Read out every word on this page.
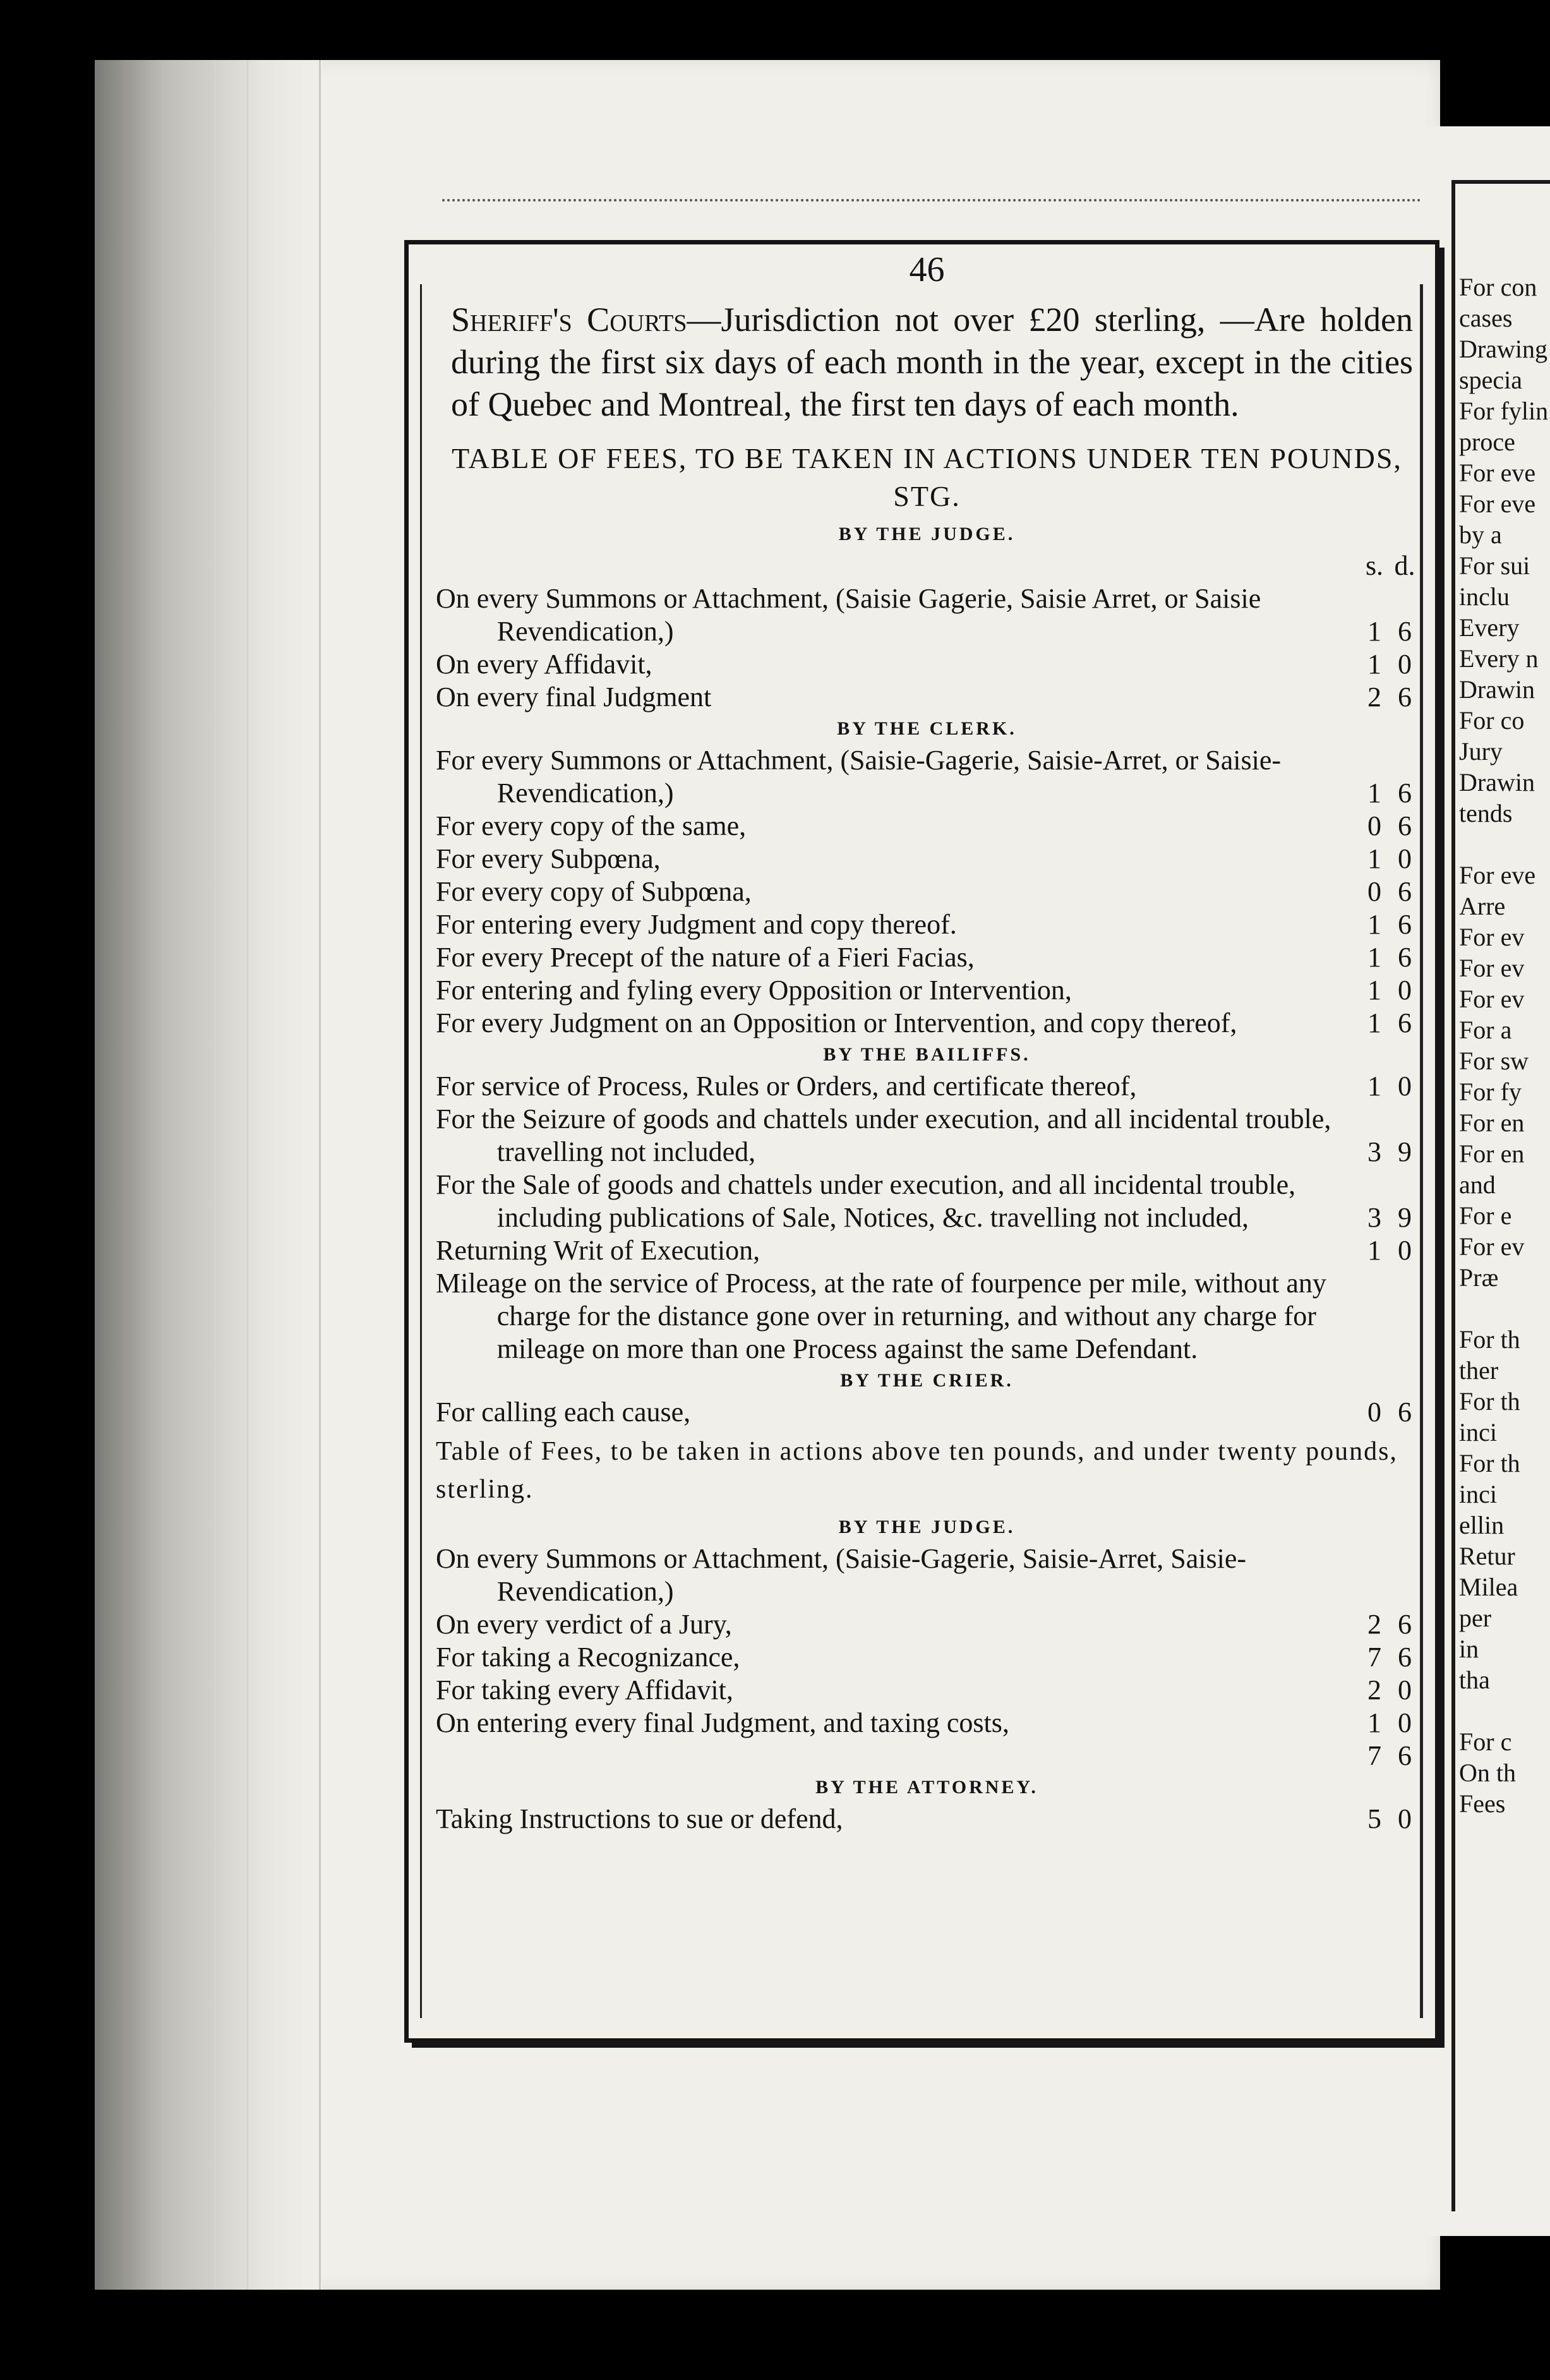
46
Sheriff's Courts—Jurisdiction not over £20 sterling, —Are holden during the first six days of each month in the year, except in the cities of Quebec and Montreal, the first ten days of each month.
TABLE OF FEES, TO BE TAKEN IN ACTIONS UNDER TEN POUNDS, STG.
BY THE JUDGE.
s. d.
On every Summons or Attachment, (Saisie Gagerie, Saisie Arret, or Saisie Revendication,)	1 6
On every Affidavit,	1 0
On every final Judgment	2 6
BY THE CLERK.
For every Summons or Attachment, (Saisie-Gagerie, Saisie-Arret, or Saisie-Revendication,)	1 6
For every copy of the same,	0 6
For every Subpœna,	1 0
For every copy of Subpœna,	0 6
For entering every Judgment and copy thereof.	1 6
For every Precept of the nature of a Fieri Facias,	1 6
For entering and fyling every Opposition or Intervention,	1 0
For every Judgment on an Opposition or Intervention, and copy thereof,	1 6
BY THE BAILIFFS.
For service of Process, Rules or Orders, and certificate thereof,	1 0
For the Seizure of goods and chattels under execution, and all incidental trouble, travelling not included,	3 9
For the Sale of goods and chattels under execution, and all incidental trouble, including publications of Sale, Notices, &c. travelling not included,	3 9
Returning Writ of Execution,	1 0
Mileage on the service of Process, at the rate of fourpence per mile, without any charge for the distance gone over in returning, and without any charge for mileage on more than one Process against the same Defendant.
BY THE CRIER.
For calling each cause,	0 6
Table of Fees, to be taken in actions above ten pounds, and under twenty pounds, sterling.
BY THE JUDGE.
On every Summons or Attachment, (Saisie-Gagerie, Saisie-Arret, Saisie-Revendication,)
On every verdict of a Jury,	2 6
For taking a Recognizance,	7 6
For taking every Affidavit,	2 0
On entering every final Judgment, and taxing costs,	1 0
7 6
BY THE ATTORNEY.
Taking Instructions to sue or defend,	5 0
For con
cases
Drawing
specia
For fylin
proce
For eve
For eve
by a
For sui
inclu
Every
Every n
Drawin
For co
Jury
Drawin
tends

For eve
Arre
For ev
For ev
For ev
For a
For sw
For fy
For en
For en
and
For e
For ev
Præ

For th
ther
For th
inci
For th
inci
ellin
Retur
Milea
per
in
tha

For c
On th
Fees
